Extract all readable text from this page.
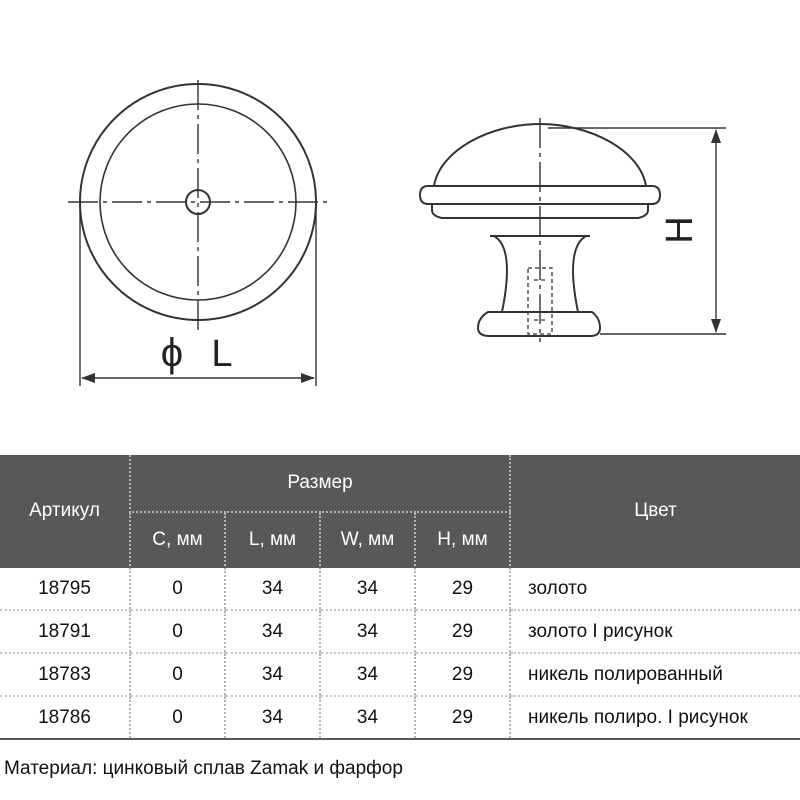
ϕ L
H
Артикул	Размер				Цвет
	C, мм	L, мм	W, мм	H, мм	
18795	0	34	34	29	золото
18791	0	34	34	29	золото I рисунок
18783	0	34	34	29	никель полированный
18786	0	34	34	29	никель полиро. I рисунок
Материал: цинковый сплав Zamak и фарфор
